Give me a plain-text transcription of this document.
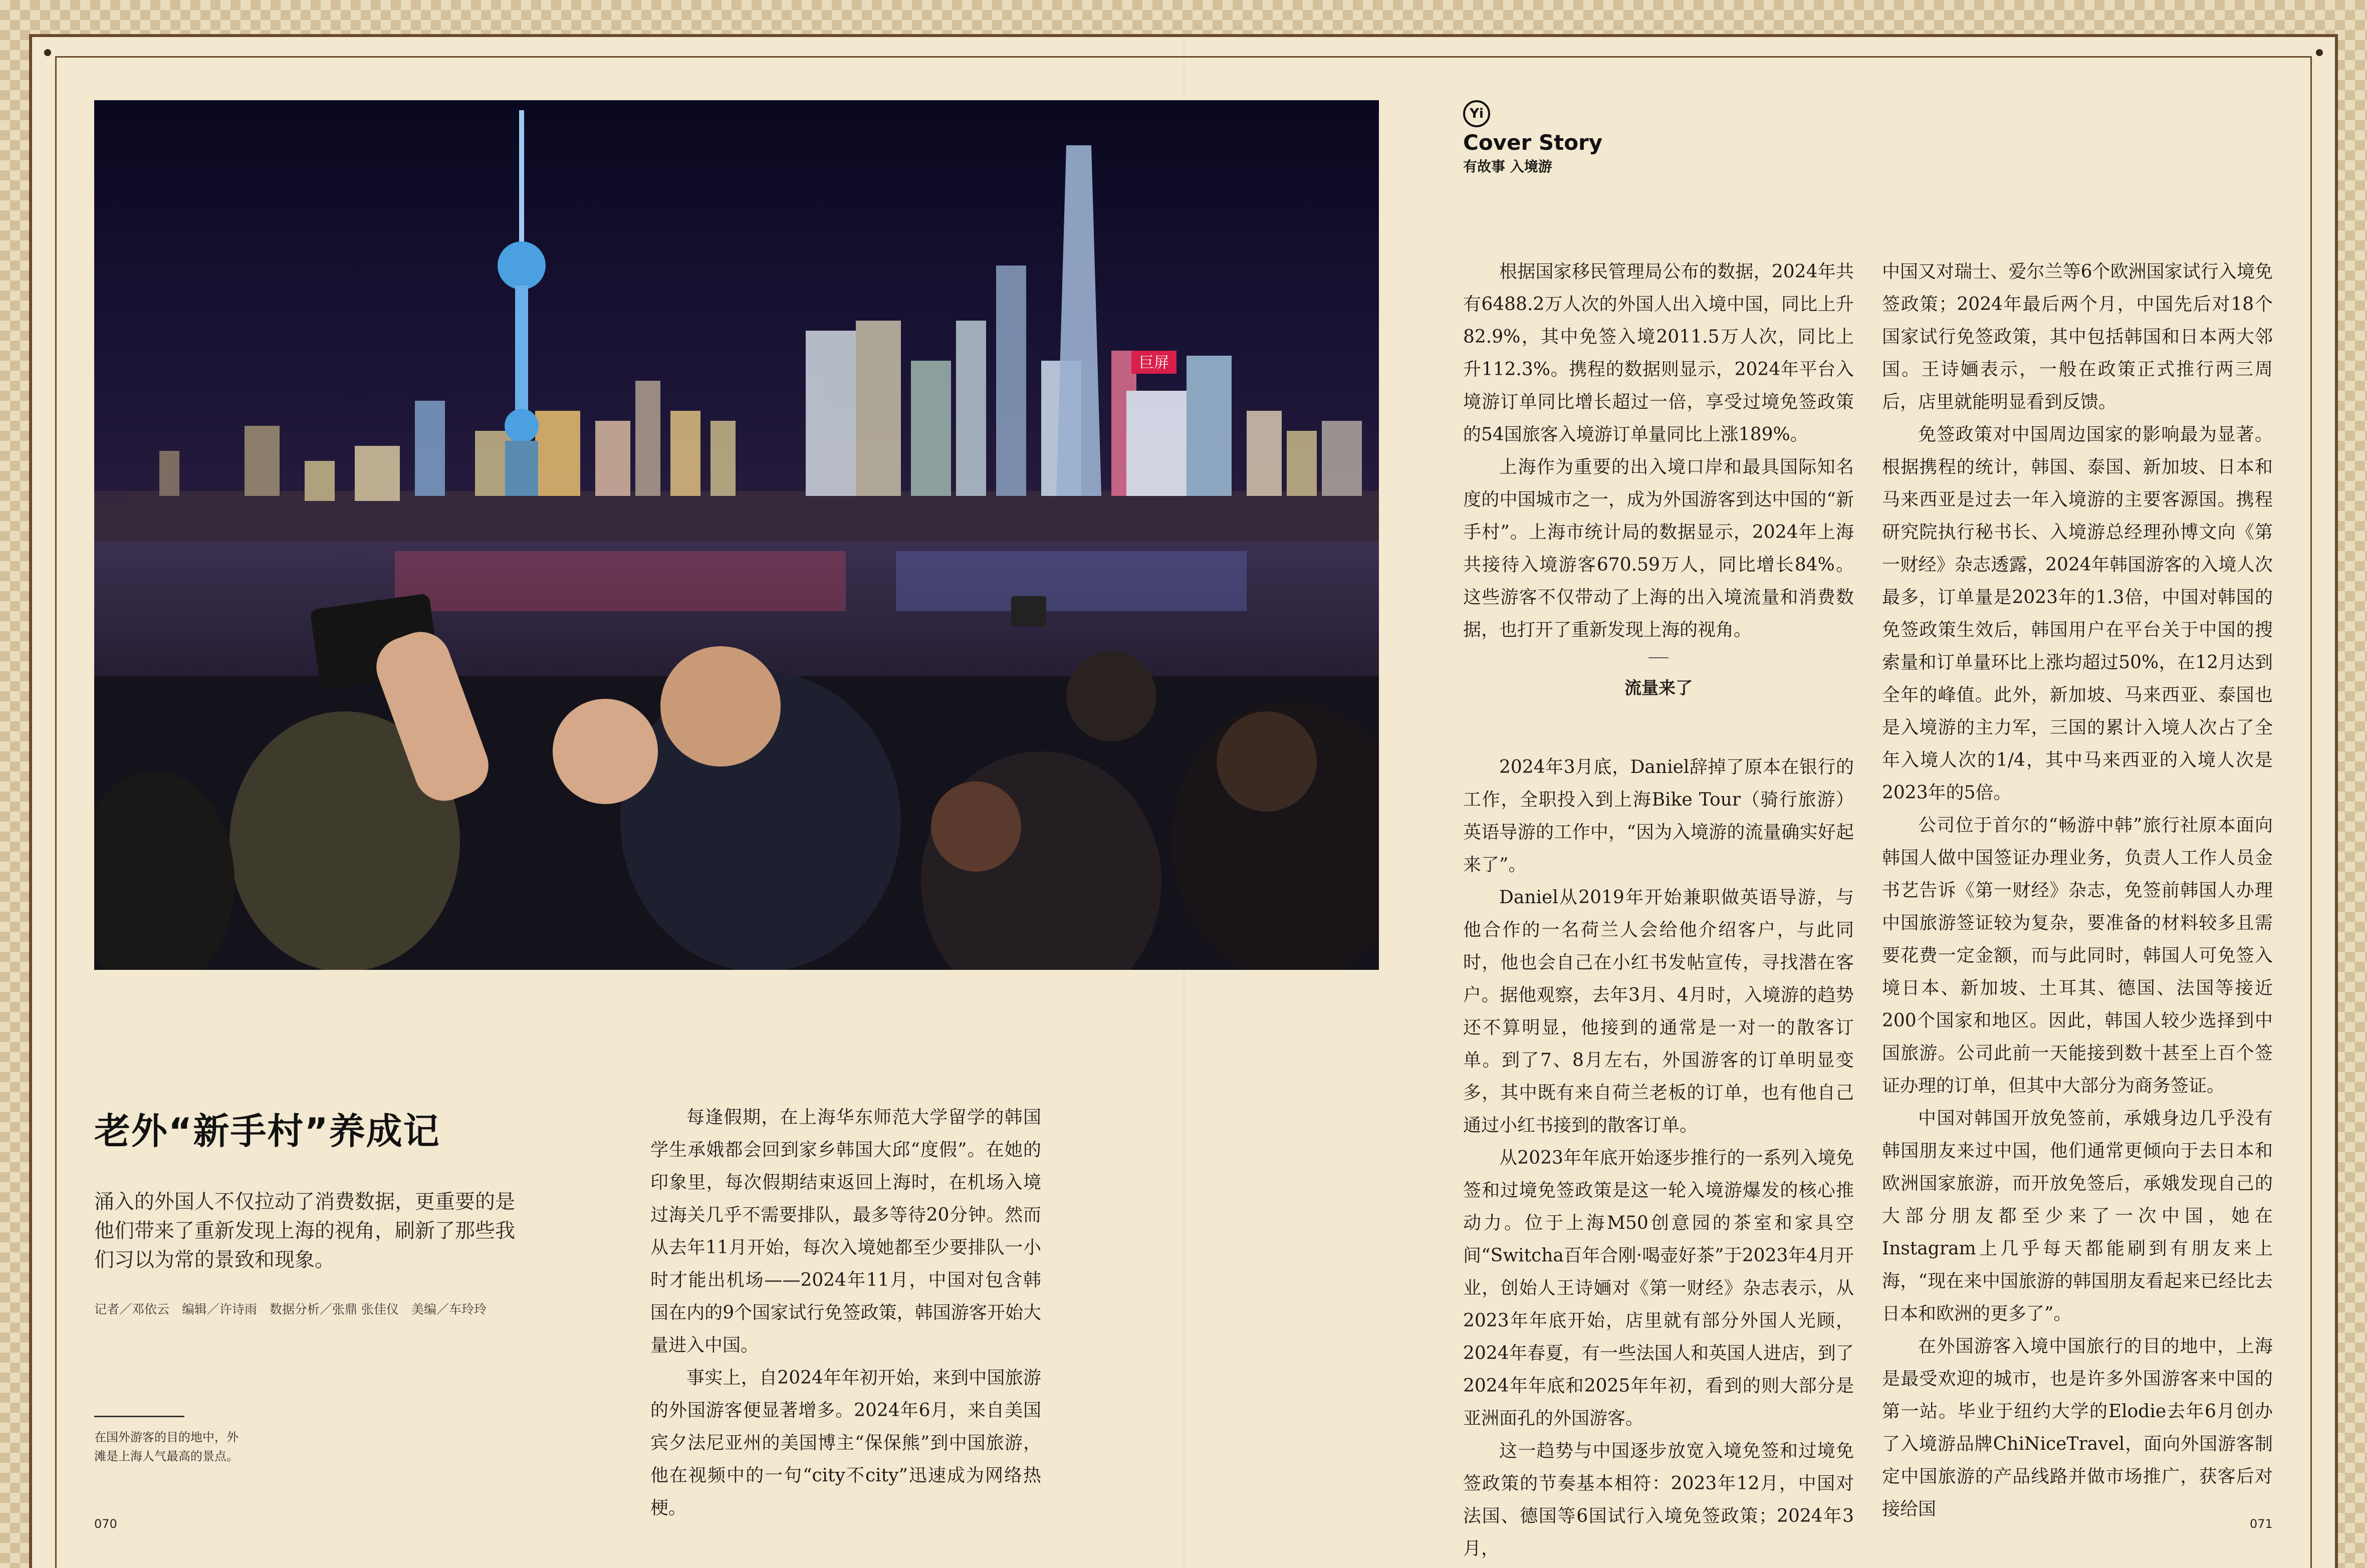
巨屏
老外“新手村”养成记
涌入的外国人不仅拉动了消费数据，更重要的是他们带来了重新发现上海的视角，刷新了那些我们习以为常的景致和现象。
记者／邓依云　编辑／许诗雨　数据分析／张鼎 张佳仪　美编／车玲玲
在国外游客的目的地中，外滩是上海人气最高的景点。
070

每逢假期，在上海华东师范大学留学的韩国学生承娥都会回到家乡韩国大邱“度假”。在她的印象里，每次假期结束返回上海时，在机场入境过海关几乎不需要排队，最多等待20分钟。然而从去年11月开始，每次入境她都至少要排队一小时才能出机场——2024年11月，中国对包含韩国在内的9个国家试行免签政策，韩国游客开始大量进入中国。

事实上，自2024年年初开始，来到中国旅游的外国游客便显著增多。2024年6月，来自美国宾夕法尼亚州的美国博主“保保熊”到中国旅游，他在视频中的一句“city不city”迅速成为网络热梗。

Yi
Cover Story
有故事 入境游

根据国家移民管理局公布的数据，2024年共有6488.2万人次的外国人出入境中国，同比上升82.9%，其中免签入境2011.5万人次，同比上升112.3%。携程的数据则显示，2024年平台入境游订单同比增长超过一倍，享受过境免签政策的54国旅客入境游订单量同比上涨189%。

上海作为重要的出入境口岸和最具国际知名度的中国城市之一，成为外国游客到达中国的“新手村”。上海市统计局的数据显示，2024年上海共接待入境游客670.59万人，同比增长84%。这些游客不仅带动了上海的出入境流量和消费数据，也打开了重新发现上海的视角。

流量来了

2024年3月底，Daniel辞掉了原本在银行的工作，全职投入到上海Bike Tour（骑行旅游）英语导游的工作中，“因为入境游的流量确实好起来了”。

Daniel从2019年开始兼职做英语导游，与他合作的一名荷兰人会给他介绍客户，与此同时，他也会自己在小红书发帖宣传，寻找潜在客户。据他观察，去年3月、4月时，入境游的趋势还不算明显，他接到的通常是一对一的散客订单。到了7、8月左右，外国游客的订单明显变多，其中既有来自荷兰老板的订单，也有他自己通过小红书接到的散客订单。

从2023年年底开始逐步推行的一系列入境免签和过境免签政策是这一轮入境游爆发的核心推动力。位于上海M50创意园的茶室和家具空间“Switcha百年合刚·喝壶好茶”于2023年4月开业，创始人王诗婳对《第一财经》杂志表示，从2023年年底开始，店里就有部分外国人光顾，2024年春夏，有一些法国人和英国人进店，到了2024年年底和2025年年初，看到的则大部分是亚洲面孔的外国游客。

这一趋势与中国逐步放宽入境免签和过境免签政策的节奏基本相符：2023年12月，中国对法国、德国等6国试行入境免签政策；2024年3月，

中国又对瑞士、爱尔兰等6个欧洲国家试行入境免签政策；2024年最后两个月，中国先后对18个国家试行免签政策，其中包括韩国和日本两大邻国。王诗婳表示，一般在政策正式推行两三周后，店里就能明显看到反馈。

免签政策对中国周边国家的影响最为显著。根据携程的统计，韩国、泰国、新加坡、日本和马来西亚是过去一年入境游的主要客源国。携程研究院执行秘书长、入境游总经理孙博文向《第一财经》杂志透露，2024年韩国游客的入境人次最多，订单量是2023年的1.3倍，中国对韩国的免签政策生效后，韩国用户在平台关于中国的搜索量和订单量环比上涨均超过50%，在12月达到全年的峰值。此外，新加坡、马来西亚、泰国也是入境游的主力军，三国的累计入境人次占了全年入境人次的1/4，其中马来西亚的入境人次是2023年的5倍。

公司位于首尔的“畅游中韩”旅行社原本面向韩国人做中国签证办理业务，负责人工作人员金书艺告诉《第一财经》杂志，免签前韩国人办理中国旅游签证较为复杂，要准备的材料较多且需要花费一定金额，而与此同时，韩国人可免签入境日本、新加坡、土耳其、德国、法国等接近200个国家和地区。因此，韩国人较少选择到中国旅游。公司此前一天能接到数十甚至上百个签证办理的订单，但其中大部分为商务签证。

中国对韩国开放免签前，承娥身边几乎没有韩国朋友来过中国，他们通常更倾向于去日本和欧洲国家旅游，而开放免签后，承娥发现自己的大部分朋友都至少来了一次中国，她在Instagram上几乎每天都能刷到有朋友来上海，“现在来中国旅游的韩国朋友看起来已经比去日本和欧洲的更多了”。

在外国游客入境中国旅行的目的地中，上海是最受欢迎的城市，也是许多外国游客来中国的第一站。毕业于纽约大学的Elodie去年6月创办了入境游品牌ChiNiceTravel，面向外国游客制定中国旅游的产品线路并做市场推广，获客后对接给国

071
